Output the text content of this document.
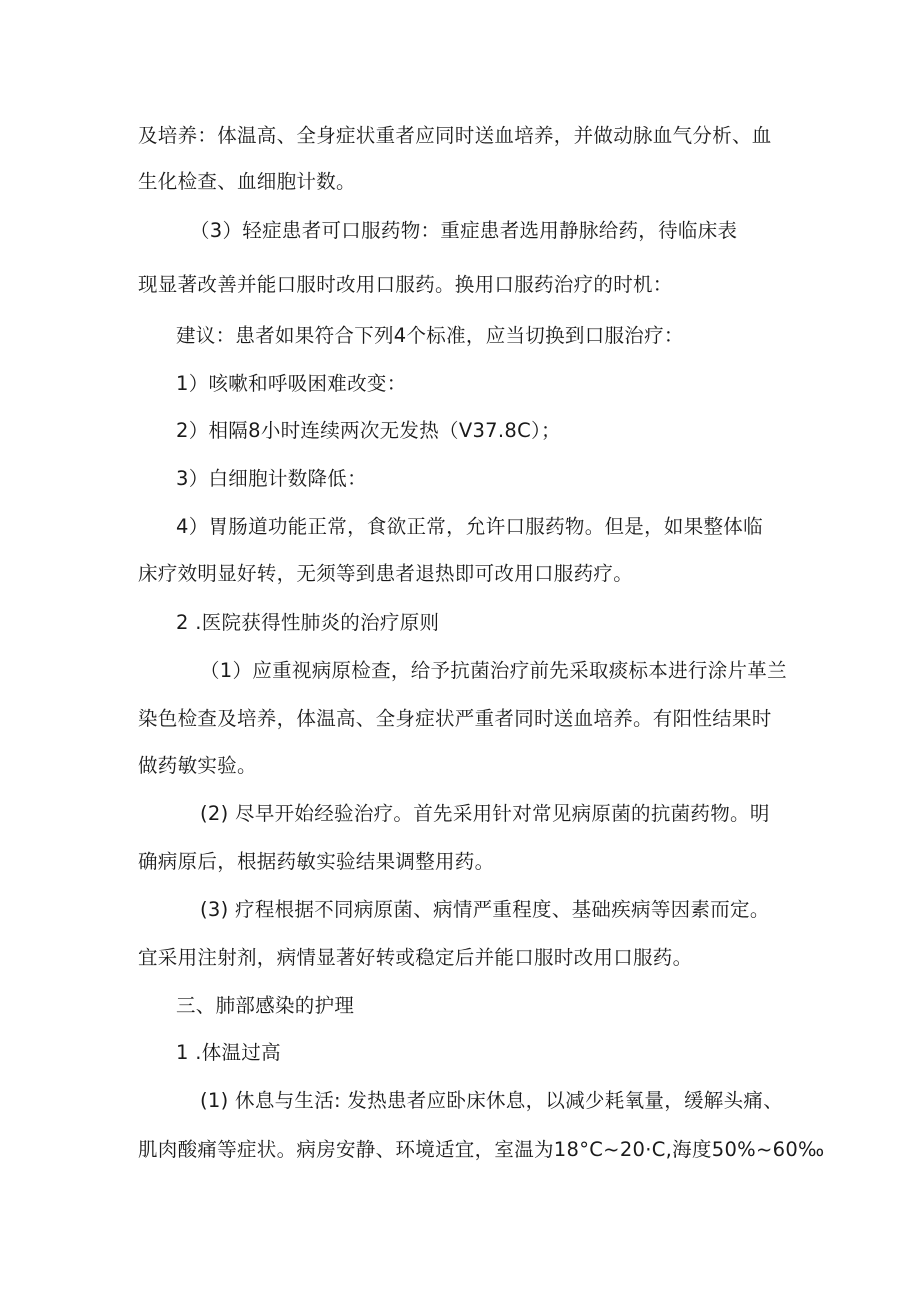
及培养：体温高、全身症状重者应同时送血培养，并做动脉血气分析、血
生化检查、血细胞计数。
（3）轻症患者可口服药物：重症患者选用静脉给药，待临床表
现显著改善并能口服时改用口服药。换用口服药治疗的时机：
建议：患者如果符合下列4个标准，应当切换到口服治疗：
1）咳嗽和呼吸困难改变：
2）相隔8小时连续两次无发热（V37.8C）；
3）白细胞计数降低：
4）胃肠道功能正常，食欲正常，允许口服药物。但是，如果整体临
床疗效明显好转，无须等到患者退热即可改用口服药疗。
2 .医院获得性肺炎的治疗原则
（1）应重视病原检查，给予抗菌治疗前先采取痰标本进行涂片革兰
染色检查及培养，体温高、全身症状严重者同时送血培养。有阳性结果时
做药敏实验。
(2) 尽早开始经验治疗。首先采用针对常见病原菌的抗菌药物。明
确病原后，根据药敏实验结果调整用药。
(3) 疗程根据不同病原菌、病情严重程度、基础疾病等因素而定。
宜采用注射剂，病情显著好转或稳定后并能口服时改用口服药。
三、肺部感染的护理
1 .体温过高
(1) 休息与生活: 发热患者应卧床休息，以减少耗氧量，缓解头痛、
肌肉酸痛等症状。病房安静、环境适宜，室温为18°C~20·C,海度50%~60‰
